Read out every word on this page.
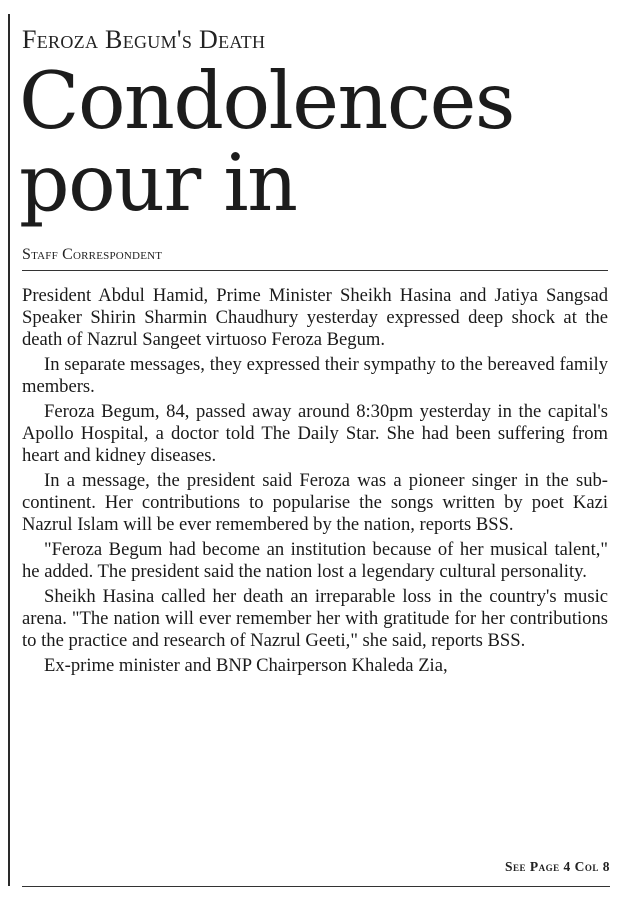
Feroza Begum's Death
Condolences
pour in
Staff Correspondent

President Abdul Hamid, Prime Minister Sheikh Hasina and Jatiya Sangsad Speaker Shirin Sharmin Chaudhury yesterday expressed deep shock at the death of Nazrul Sangeet virtuoso Feroza Begum.

In separate messages, they expressed their sympathy to the bereaved family members.

Feroza Begum, 84, passed away around 8:30pm yesterday in the capital's Apollo Hospital, a doctor told The Daily Star. She had been suffering from heart and kidney diseases.

In a message, the president said Feroza was a pioneer singer in the sub-continent. Her contributions to popularise the songs written by poet Kazi Nazrul Islam will be ever remembered by the nation, reports BSS.

"Feroza Begum had become an institution because of her musical talent," he added. The president said the nation lost a legendary cultural personality.

Sheikh Hasina called her death an irreparable loss in the country's music arena. "The nation will ever remember her with gratitude for her contributions to the practice and research of Nazrul Geeti," she said, reports BSS.

Ex-prime minister and BNP Chairperson Khaleda Zia,

See Page 4 Col 8
